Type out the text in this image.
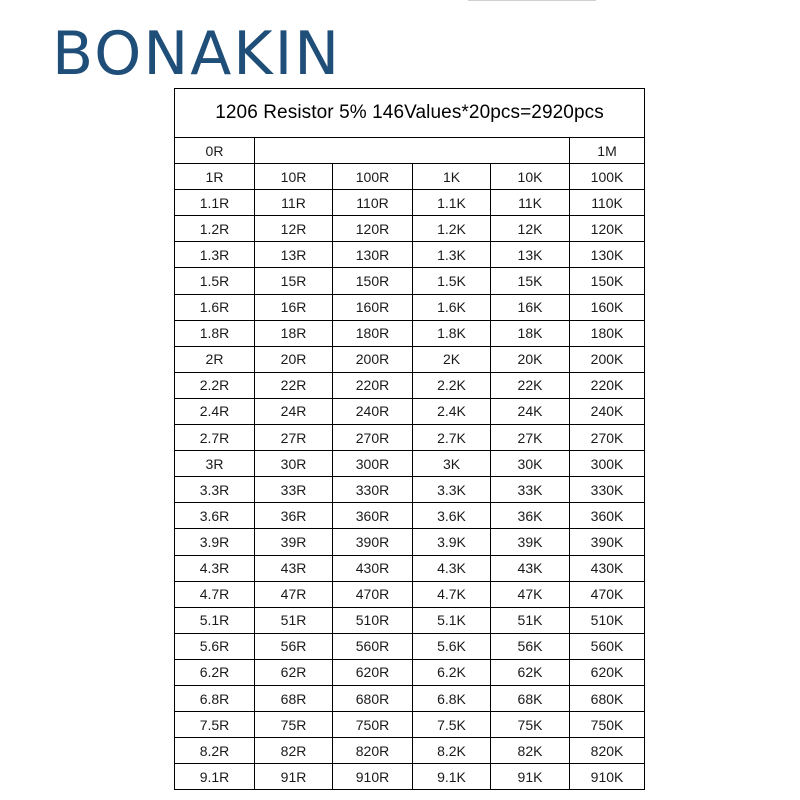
BONAKIN
1206 Resistor 5% 146Values*20pcs=2920pcs					
0R					1M
1R	10R	100R	1K	10K	100K
1.1R	11R	110R	1.1K	11K	110K
1.2R	12R	120R	1.2K	12K	120K
1.3R	13R	130R	1.3K	13K	130K
1.5R	15R	150R	1.5K	15K	150K
1.6R	16R	160R	1.6K	16K	160K
1.8R	18R	180R	1.8K	18K	180K
2R	20R	200R	2K	20K	200K
2.2R	22R	220R	2.2K	22K	220K
2.4R	24R	240R	2.4K	24K	240K
2.7R	27R	270R	2.7K	27K	270K
3R	30R	300R	3K	30K	300K
3.3R	33R	330R	3.3K	33K	330K
3.6R	36R	360R	3.6K	36K	360K
3.9R	39R	390R	3.9K	39K	390K
4.3R	43R	430R	4.3K	43K	430K
4.7R	47R	470R	4.7K	47K	470K
5.1R	51R	510R	5.1K	51K	510K
5.6R	56R	560R	5.6K	56K	560K
6.2R	62R	620R	6.2K	62K	620K
6.8R	68R	680R	6.8K	68K	680K
7.5R	75R	750R	7.5K	75K	750K
8.2R	82R	820R	8.2K	82K	820K
9.1R	91R	910R	9.1K	91K	910K
